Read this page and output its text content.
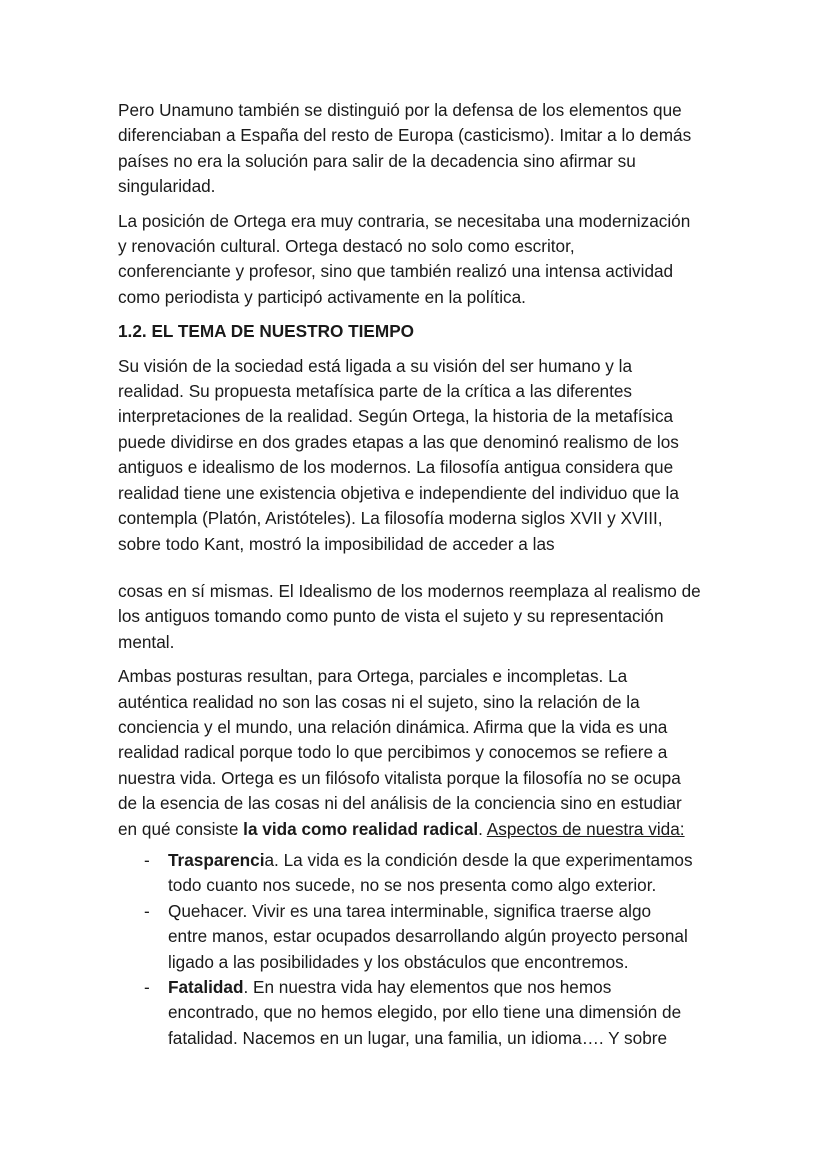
Pero Unamuno también se distinguió por la defensa de los elementos que
diferenciaban a España del resto de Europa (casticismo). Imitar a lo demás
países no era la solución para salir de la decadencia sino afirmar su
singularidad.
La posición de Ortega era muy contraria, se necesitaba una modernización
y renovación cultural. Ortega destacó no solo como escritor,
conferenciante y profesor, sino que también realizó una intensa actividad
como periodista y participó activamente en la política.
1.2. EL TEMA DE NUESTRO TIEMPO
Su visión de la sociedad está ligada a su visión del ser humano y la
realidad. Su propuesta metafísica parte de la crítica a las diferentes
interpretaciones de la realidad. Según Ortega, la historia de la metafísica
puede dividirse en dos grades etapas a las que denominó realismo de los
antiguos e idealismo de los modernos. La filosofía antigua considera que
realidad tiene une existencia objetiva e independiente del individuo que la
contempla (Platón, Aristóteles). La filosofía moderna siglos XVII y XVIII,
sobre todo Kant, mostró la imposibilidad de acceder a las
cosas en sí mismas. El Idealismo de los modernos reemplaza al realismo de
los antiguos tomando como punto de vista el sujeto y su representación
mental.
Ambas posturas resultan, para Ortega, parciales e incompletas. La
auténtica realidad no son las cosas ni el sujeto, sino la relación de la
conciencia y el mundo, una relación dinámica. Afirma que la vida es una
realidad radical porque todo lo que percibimos y conocemos se refiere a
nuestra vida. Ortega es un filósofo vitalista porque la filosofía no se ocupa
de la esencia de las cosas ni del análisis de la conciencia sino en estudiar
en qué consiste la vida como realidad radical. Aspectos de nuestra vida:
- Trasparencia. La vida es la condición desde la que experimentamos
todo cuanto nos sucede, no se nos presenta como algo exterior.
- Quehacer. Vivir es una tarea interminable, significa traerse algo
entre manos, estar ocupados desarrollando algún proyecto personal
ligado a las posibilidades y los obstáculos que encontremos.
- Fatalidad. En nuestra vida hay elementos que nos hemos
encontrado, que no hemos elegido, por ello tiene una dimensión de
fatalidad. Nacemos en un lugar, una familia, un idioma…. Y sobre
